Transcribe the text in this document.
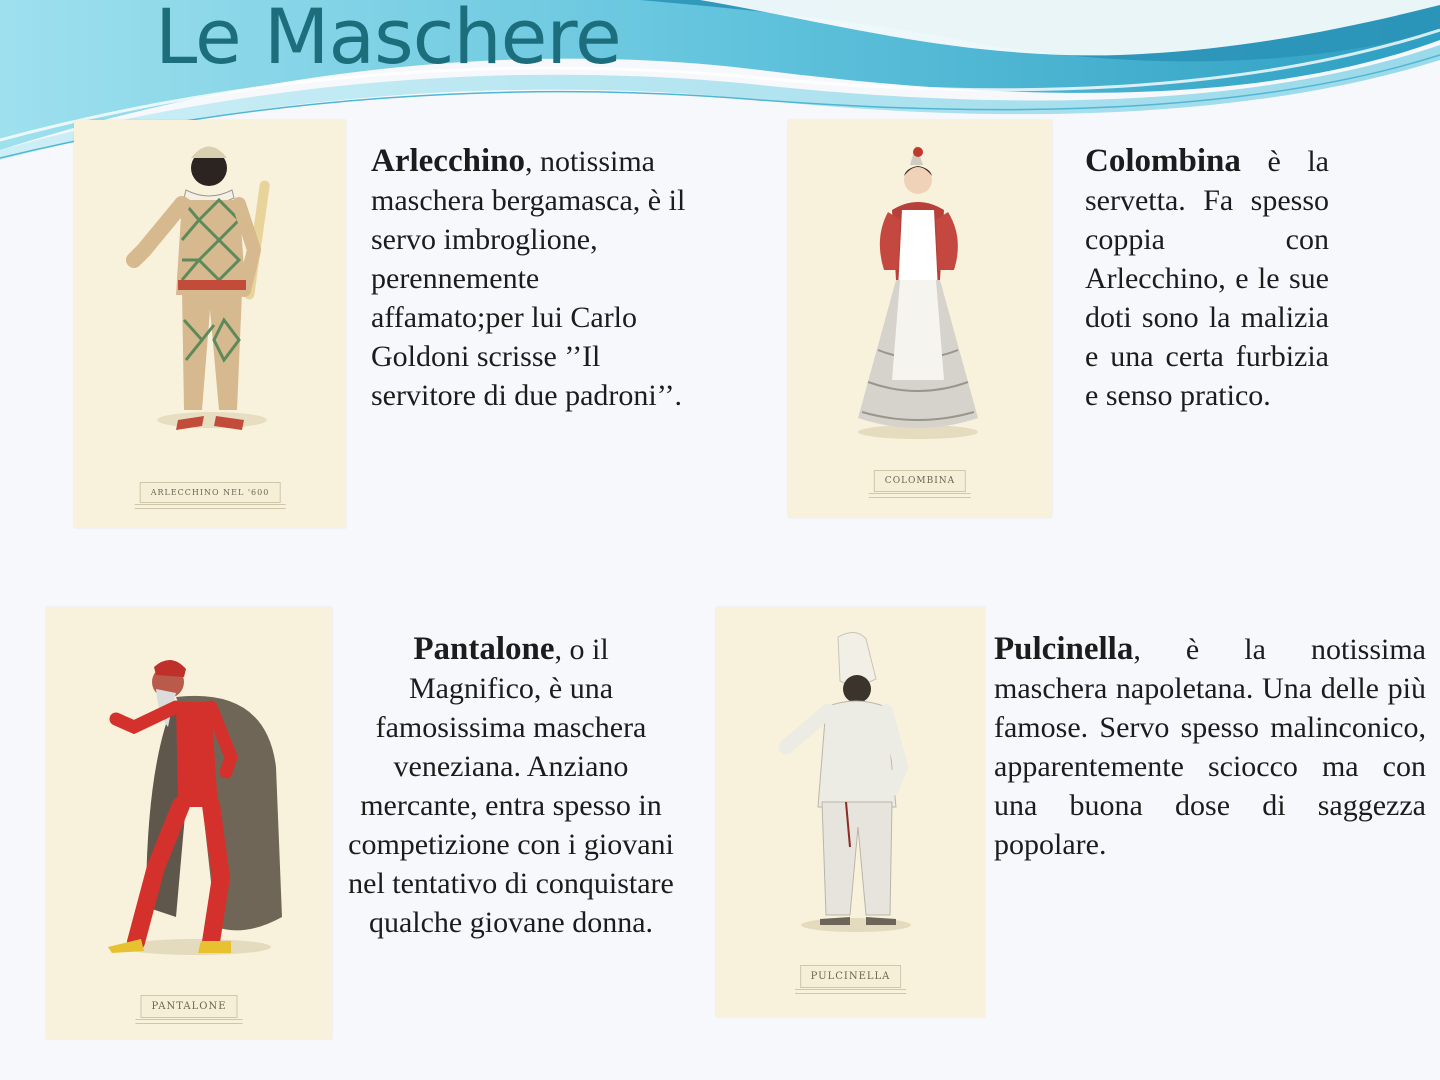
Le Maschere
ARLECCHINO NEL '600
Arlecchino, notissima maschera bergamasca, è il servo imbroglione, perennemente affamato;per lui Carlo Goldoni scrisse ’’Il servitore di due padroni’’.
COLOMBINA
Colombina è la servetta. Fa spesso coppia con Arlecchino, e le sue doti sono la malizia e una certa furbizia e senso pratico.
PANTALONE
Pantalone, o il Magnifico, è una famosissima maschera veneziana. Anziano mercante, entra spesso in competizione con i giovani nel tentativo di conquistare qualche giovane donna.
PULCINELLA
Pulcinella, è la notissima maschera napoletana. Una delle più famose. Servo spesso malinconico, apparentemente sciocco ma con una buona dose di saggezza popolare.
